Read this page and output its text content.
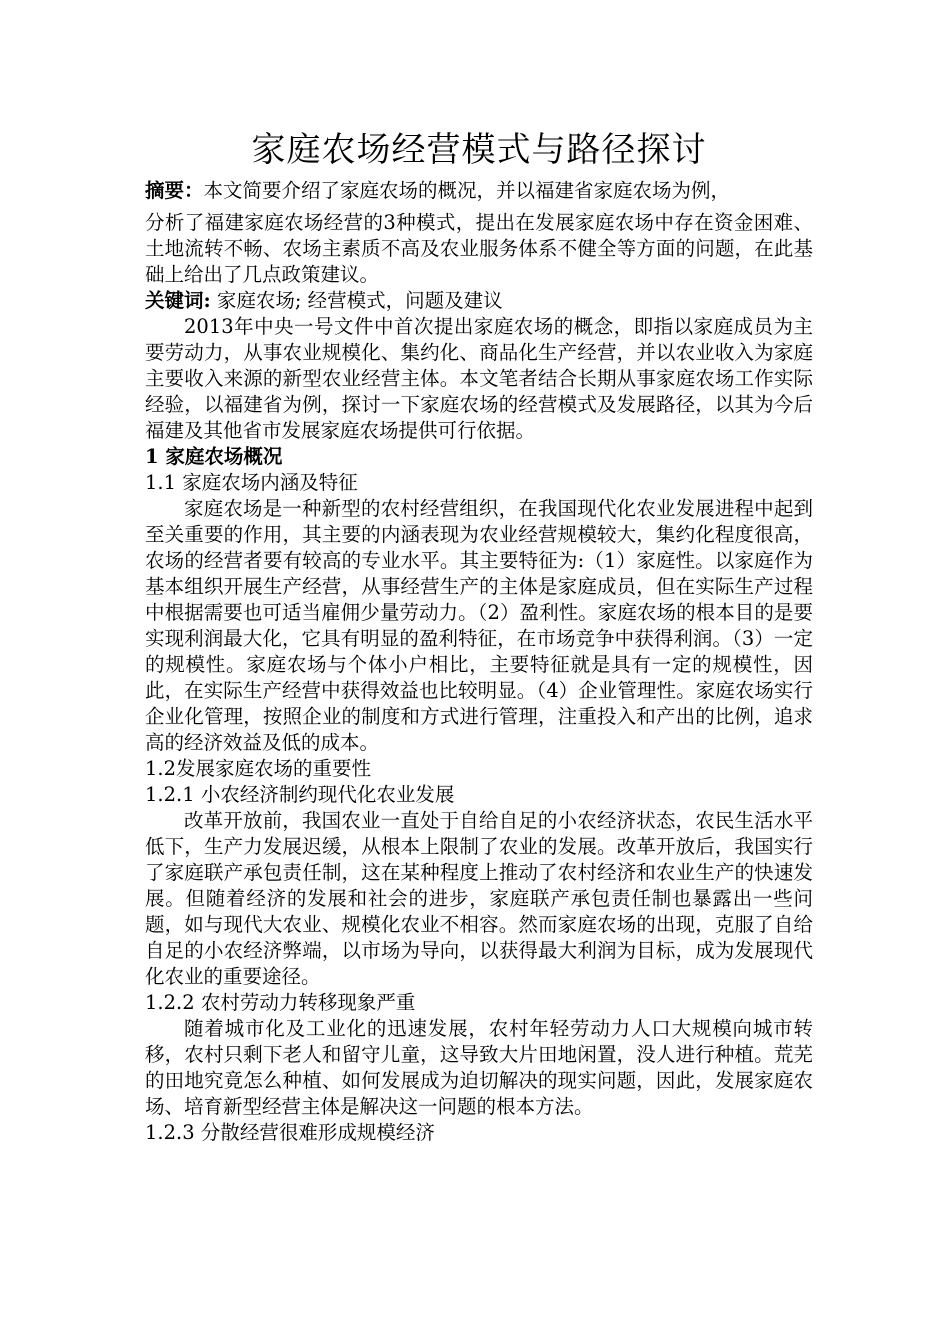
家庭农场经营模式与路径探讨

摘要：本文简要介绍了家庭农场的概况，并以福建省家庭农场为例，
分析了福建家庭农场经营的3种模式，提出在发展家庭农场中存在资金困难、土地流转不畅、农场主素质不高及农业服务体系不健全等方面的问题，在此基础上给出了几点政策建议。

关键词: 家庭农场; 经营模式，问题及建议

2013年中央一号文件中首次提出家庭农场的概念，即指以家庭成员为主要劳动力，从事农业规模化、集约化、商品化生产经营，并以农业收入为家庭主要收入来源的新型农业经营主体。本文笔者结合长期从事家庭农场工作实际经验，以福建省为例，探讨一下家庭农场的经营模式及发展路径，以其为今后福建及其他省市发展家庭农场提供可行依据。

1 家庭农场概况

1.1 家庭农场内涵及特征

家庭农场是一种新型的农村经营组织，在我国现代化农业发展进程中起到至关重要的作用，其主要的内涵表现为农业经营规模较大，集约化程度很高，农场的经营者要有较高的专业水平。其主要特征为:（1）家庭性。以家庭作为基本组织开展生产经营，从事经营生产的主体是家庭成员，但在实际生产过程中根据需要也可适当雇佣少量劳动力。（2）盈利性。家庭农场的根本目的是要实现利润最大化，它具有明显的盈利特征，在市场竞争中获得利润。（3）一定的规模性。家庭农场与个体小户相比，主要特征就是具有一定的规模性，因此，在实际生产经营中获得效益也比较明显。（4）企业管理性。家庭农场实行企业化管理，按照企业的制度和方式进行管理，注重投入和产出的比例，追求高的经济效益及低的成本。

1.2发展家庭农场的重要性

1.2.1 小农经济制约现代化农业发展

改革开放前，我国农业一直处于自给自足的小农经济状态，农民生活水平低下，生产力发展迟缓，从根本上限制了农业的发展。改革开放后，我国实行了家庭联产承包责任制，这在某种程度上推动了农村经济和农业生产的快速发展。但随着经济的发展和社会的进步，家庭联产承包责任制也暴露出一些问题，如与现代大农业、规模化农业不相容。然而家庭农场的出现，克服了自给自足的小农经济弊端，以市场为导向，以获得最大利润为目标，成为发展现代化农业的重要途径。

1.2.2 农村劳动力转移现象严重

随着城市化及工业化的迅速发展，农村年轻劳动力人口大规模向城市转移，农村只剩下老人和留守儿童，这导致大片田地闲置，没人进行种植。荒芜的田地究竟怎么种植、如何发展成为迫切解决的现实问题，因此，发展家庭农场、培育新型经营主体是解决这一问题的根本方法。

1.2.3 分散经营很难形成规模经济
